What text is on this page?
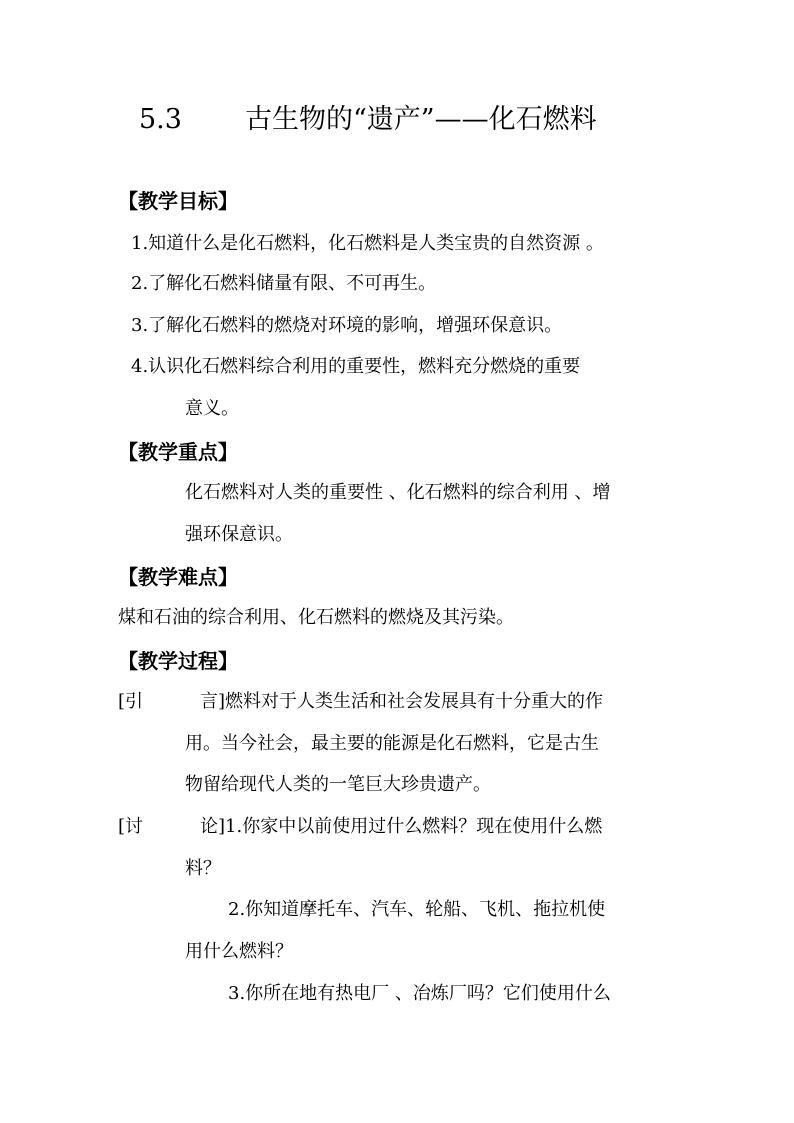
5.3 古生物的“遗产”——化石燃料
【教学目标】
1.知道什么是化石燃料，化石燃料是人类宝贵的自然资源 。
2.了解化石燃料储量有限、不可再生。
3.了解化石燃料的燃烧对环境的影响，增强环保意识。
4.认识化石燃料综合利用的重要性，燃料充分燃烧的重要
意义。
【教学重点】
化石燃料对人类的重要性 、化石燃料的综合利用 、增
强环保意识。
【教学难点】
煤和石油的综合利用、化石燃料的燃烧及其污染。
【教学过程】
[引	言]燃料对于人类生活和社会发展具有十分重大的作
用。当今社会，最主要的能源是化石燃料，它是古生
物留给现代人类的一笔巨大珍贵遗产。
[讨	论]1.你家中以前使用过什么燃料？现在使用什么燃
料？
2.你知道摩托车、汽车、轮船、飞机、拖拉机使
用什么燃料？
3.你所在地有热电厂 、冶炼厂吗？它们使用什么
